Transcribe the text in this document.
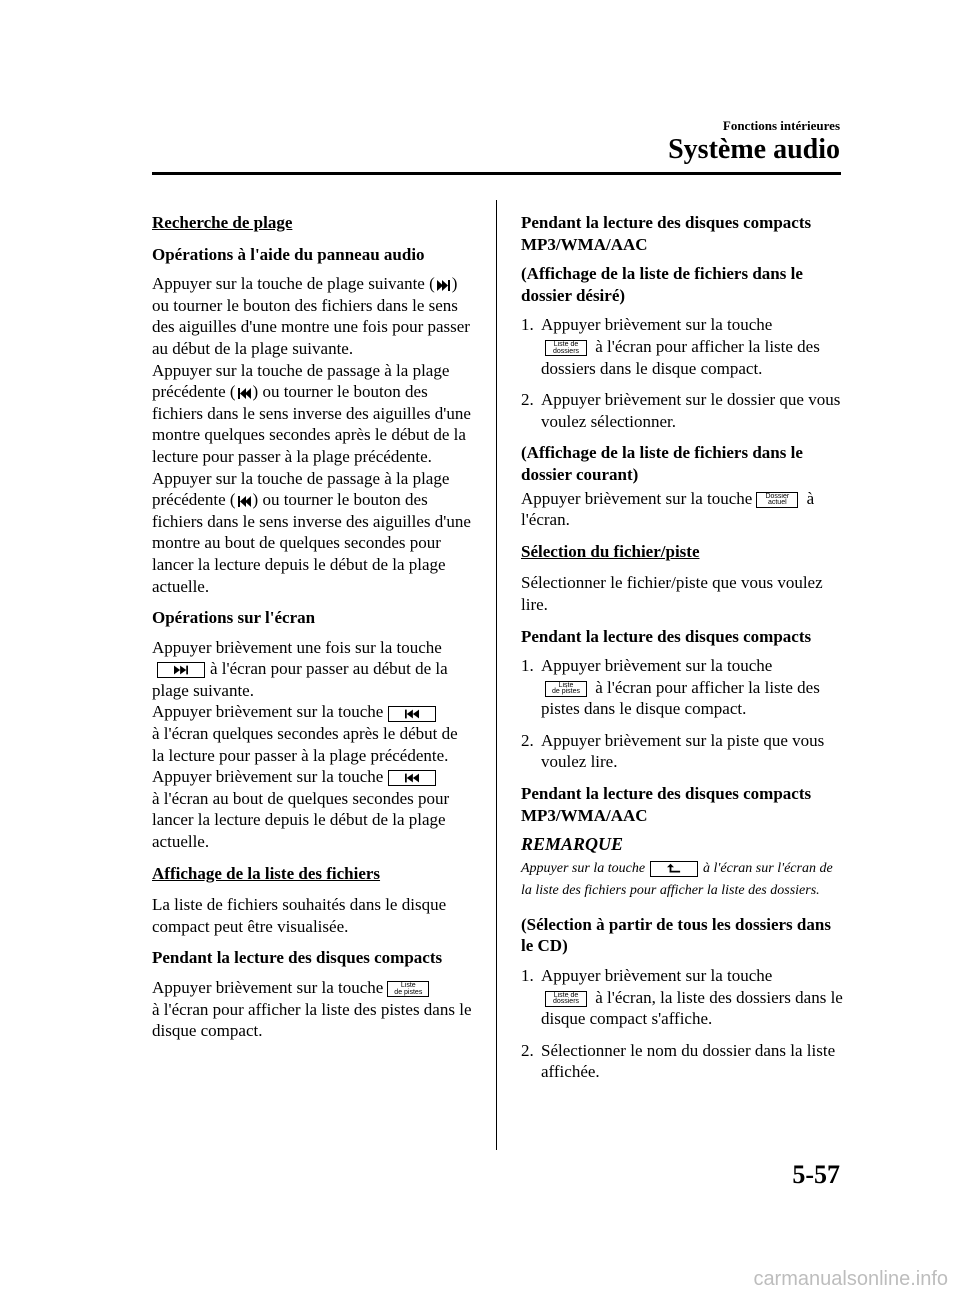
Fonctions intérieures
Système audio
Recherche de plage
Opérations à l'aide du panneau audio

Appuyer sur la touche de plage suivante ( ) ou tourner le bouton des fichiers dans le sens des aiguilles d'une montre une fois pour passer au début de la plage suivante.
Appuyer sur la touche de passage à la plage précédente ( ) ou tourner le bouton des fichiers dans le sens inverse des aiguilles d'une montre quelques secondes après le début de la lecture pour passer à la plage précédente.
Appuyer sur la touche de passage à la plage précédente ( ) ou tourner le bouton des fichiers dans le sens inverse des aiguilles d'une montre au bout de quelques secondes pour lancer la lecture depuis le début de la plage actuelle.

Opérations sur l'écran

Appuyer brièvement une fois sur la touche
à l'écran pour passer au début de la plage suivante.
Appuyer brièvement sur la touche

à l'écran quelques secondes après le début de la lecture pour passer à la plage précédente.
Appuyer brièvement sur la touche

à l'écran au bout de quelques secondes pour lancer la lecture depuis le début de la plage actuelle.

Affichage de la liste des fichiers

La liste de fichiers souhaités dans le disque compact peut être visualisée.

Pendant la lecture des disques compacts

Appuyer brièvement sur la touche	Liste
de pistes
à l'écran pour afficher la liste des pistes dans le disque compact.

Pendant la lecture des disques compacts MP3/WMA/AAC
(Affichage de la liste de fichiers dans le dossier désiré)
1. Appuyer brièvement sur la touche
Liste de
dossiers à l'écran pour afficher la liste des dossiers dans le disque compact.
2. Appuyer brièvement sur le dossier que vous voulez sélectionner.
(Affichage de la liste de fichiers dans le dossier courant)

Appuyer brièvement sur la touche Dossier
actuel à l'écran.

Sélection du fichier/piste

Sélectionner le fichier/piste que vous voulez lire.

Pendant la lecture des disques compacts
1. Appuyer brièvement sur la touche
Liste
de pistes à l'écran pour afficher la liste des pistes dans le disque compact.
2. Appuyer brièvement sur la piste que vous voulez lire.
Pendant la lecture des disques compacts MP3/WMA/AAC
REMARQUE
Appuyer sur la touche	à l'écran sur l'écran de la liste des fichiers pour afficher la liste des dossiers.
(Sélection à partir de tous les dossiers dans le CD)
1. Appuyer brièvement sur la touche
Liste de
dossiers à l'écran, la liste des dossiers dans le disque compact s'affiche.
2. Sélectionner le nom du dossier dans la liste affichée.
5-57
carmanualsonline.info
